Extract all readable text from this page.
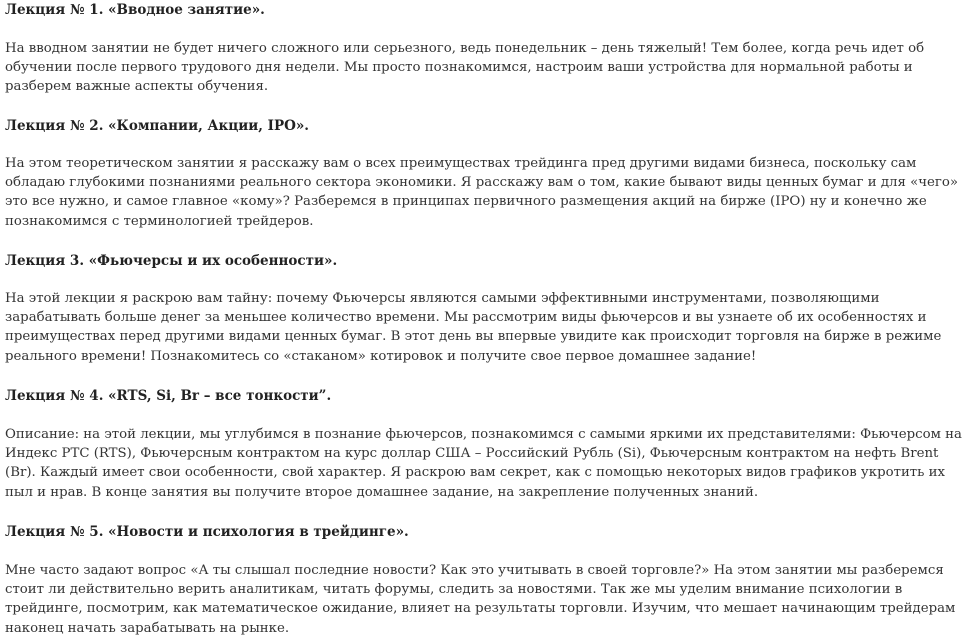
Лекция № 1. «Вводное занятие».

На вводном занятии не будет ничего сложного или серьезного, ведь понедельник – день тяжелый! Тем более, когда речь идет об обучении после первого трудового дня недели. Мы просто познакомимся, настроим ваши устройства для нормальной работы и разберем важные аспекты обучения.

Лекция № 2. «Компании, Акции, IPO».

На этом теоретическом занятии я расскажу вам о всех преимуществах трейдинга пред другими видами бизнеса, поскольку сам обладаю глубокими познаниями реального сектора экономики. Я расскажу вам о том, какие бывают виды ценных бумаг и для «чего» это все нужно, и самое главное «кому»? Разберемся в принципах первичного размещения акций на бирже (IPO) ну и конечно же познакомимся с терминологией трейдеров.

Лекция 3. «Фьючерсы и их особенности».

На этой лекции я раскрою вам тайну: почему Фьючерсы являются самыми эффективными инструментами, позволяющими зарабатывать больше денег за меньшее количество времени. Мы рассмотрим виды фьючерсов и вы узнаете об их особенностях и преимуществах перед другими видами ценных бумаг. В этот день вы впервые увидите как происходит торговля на бирже в режиме реального времени! Познакомитесь со «стаканом» котировок и получите свое первое домашнее задание!

Лекция № 4. «RTS, Si, Br – все тонкости”.

Описание: на этой лекции, мы углубимся в познание фьючерсов, познакомимся с самыми яркими их представителями: Фьючерсом на Индекс РТС (RTS), Фьючерсным контрактом на курс доллар США – Российский Рубль (Si), Фьючерсным контрактом на нефть Brent (Br). Каждый имеет свои особенности, свой характер. Я раскрою вам секрет, как с помощью некоторых видов графиков укротить их пыл и нрав. В конце занятия вы получите второе домашнее задание, на закрепление полученных знаний.

Лекция № 5. «Новости и психология в трейдинге».

Мне часто задают вопрос «А ты слышал последние новости? Как это учитывать в своей торговле?» На этом занятии мы разберемся стоит ли действительно верить аналитикам, читать форумы, следить за новостями. Так же мы уделим внимание психологии в трейдинге, посмотрим, как математическое ожидание, влияет на результаты торговли. Изучим, что мешает начинающим трейдерам наконец начать зарабатывать на рынке.
